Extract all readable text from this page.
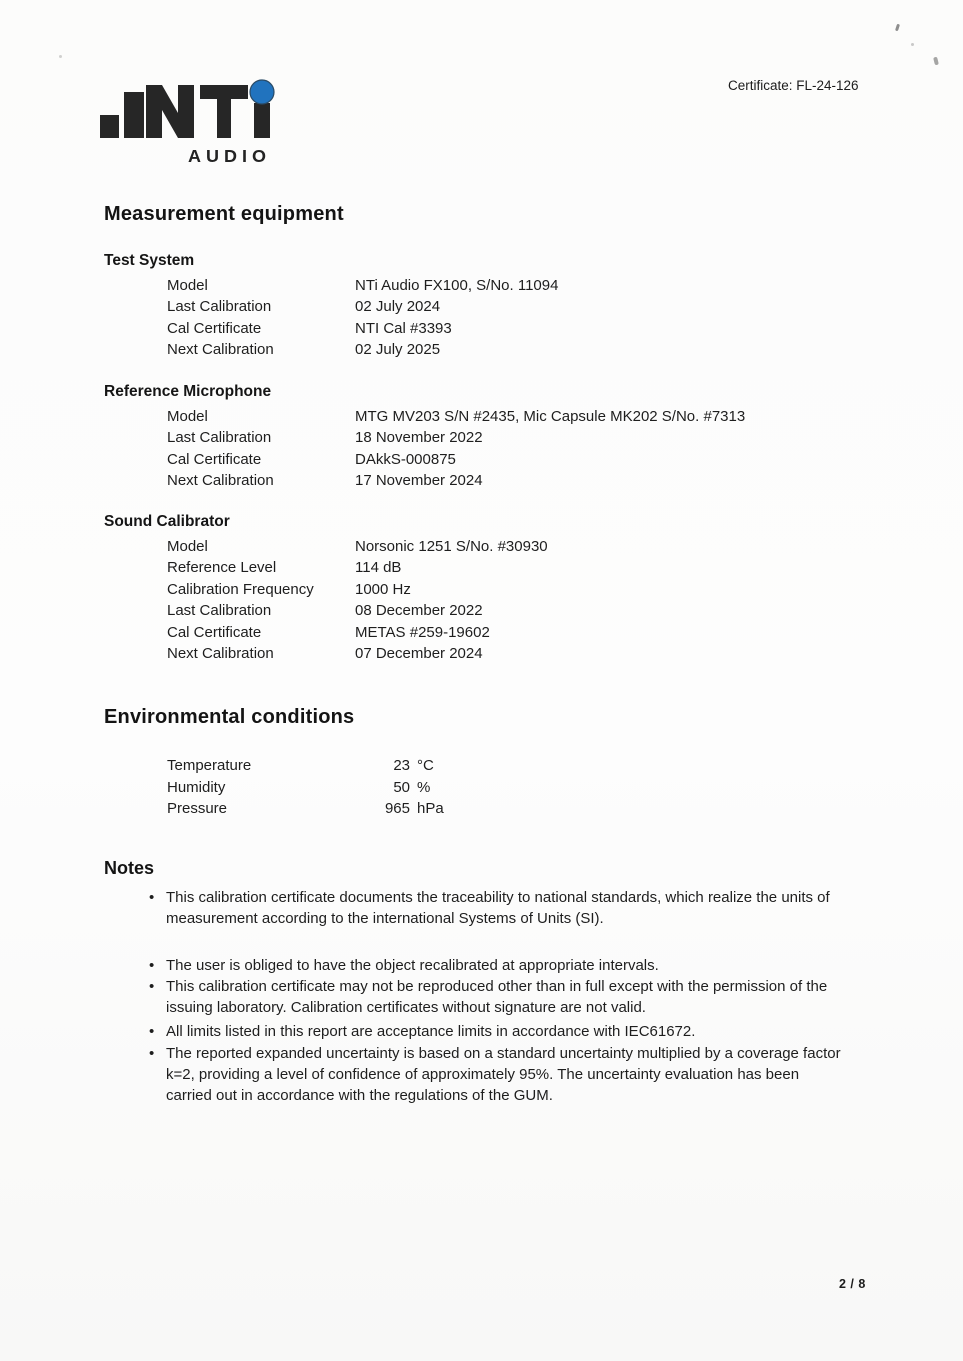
Certificate: FL-24-126
AUDIO
Measurement equipment
Test System
Model	NTi Audio FX100, S/No. 11094
Last Calibration	02 July 2024
Cal Certificate	NTI Cal #3393
Next Calibration	02 July 2025
Reference Microphone
Model	MTG MV203 S/N #2435, Mic Capsule MK202 S/No. #7313
Last Calibration	18 November 2022
Cal Certificate	DAkkS-000875
Next Calibration	17 November 2024
Sound Calibrator
Model	Norsonic 1251 S/No. #30930
Reference Level	114 dB
Calibration Frequency	1000 Hz
Last Calibration	08 December 2022
Cal Certificate	METAS #259-19602
Next Calibration	07 December 2024
Environmental conditions
Temperature	23 °C
Humidity	50 %
Pressure	965 hPa
Notes
• This calibration certificate documents the traceability to national standards, which realize the units of measurement according to the international Systems of Units (SI).
• The user is obliged to have the object recalibrated at appropriate intervals.
• This calibration certificate may not be reproduced other than in full except with the permission of the issuing laboratory. Calibration certificates without signature are not valid.
• All limits listed in this report are acceptance limits in accordance with IEC61672.
• The reported expanded uncertainty is based on a standard uncertainty multiplied by a coverage factor k=2, providing a level of confidence of approximately 95%. The uncertainty evaluation has been carried out in accordance with the regulations of the GUM.
2 / 8
